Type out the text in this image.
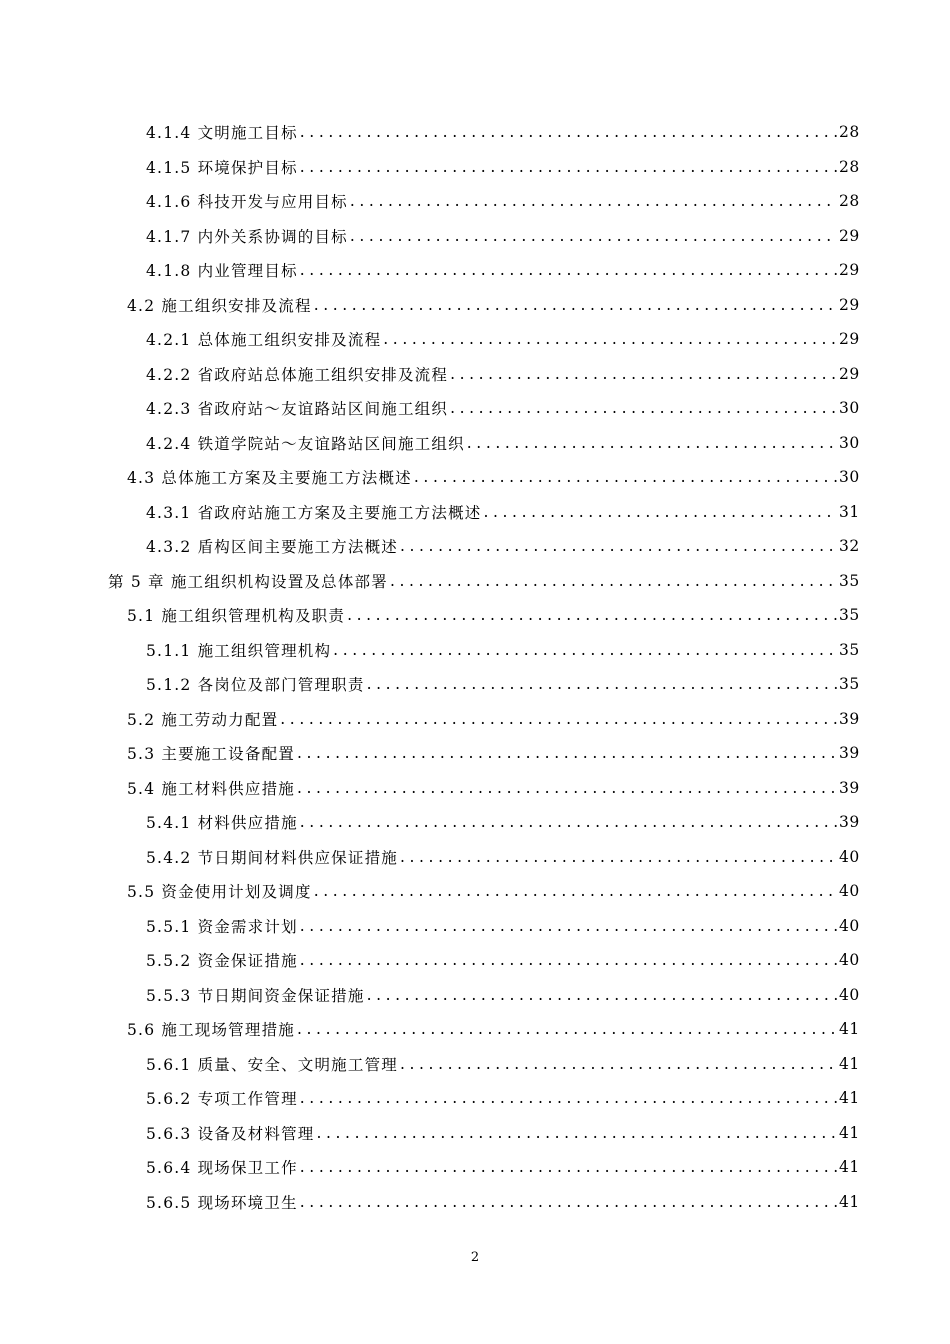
4.1.4 文明施工目标 .....	28
4.1.5 环境保护目标 .....	28
4.1.6 科技开发与应用目标 .....	28
4.1.7 内外关系协调的目标 .....	29
4.1.8 内业管理目标 .....	29
4.2 施工组织安排及流程 .....	29
4.2.1 总体施工组织安排及流程 .....	29
4.2.2 省政府站总体施工组织安排及流程 .....	29
4.2.3 省政府站～友谊路站区间施工组织 .....	30
4.2.4 铁道学院站～友谊路站区间施工组织 .....	30
4.3 总体施工方案及主要施工方法概述 .....	30
4.3.1 省政府站施工方案及主要施工方法概述 .....	31
4.3.2 盾构区间主要施工方法概述 .....	32
第 5 章 施工组织机构设置及总体部署 .....	35
5.1 施工组织管理机构及职责 .....	35
5.1.1 施工组织管理机构 .....	35
5.1.2 各岗位及部门管理职责 .....	35
5.2 施工劳动力配置 .....	39
5.3 主要施工设备配置 .....	39
5.4 施工材料供应措施 .....	39
5.4.1 材料供应措施 .....	39
5.4.2 节日期间材料供应保证措施 .....	40
5.5 资金使用计划及调度 .....	40
5.5.1 资金需求计划 .....	40
5.5.2 资金保证措施 .....	40
5.5.3 节日期间资金保证措施 .....	40
5.6 施工现场管理措施 .....	41
5.6.1 质量、安全、文明施工管理 .....	41
5.6.2 专项工作管理 .....	41
5.6.3 设备及材料管理 .....	41
5.6.4 现场保卫工作 .....	41
5.6.5 现场环境卫生 .....	41
2
